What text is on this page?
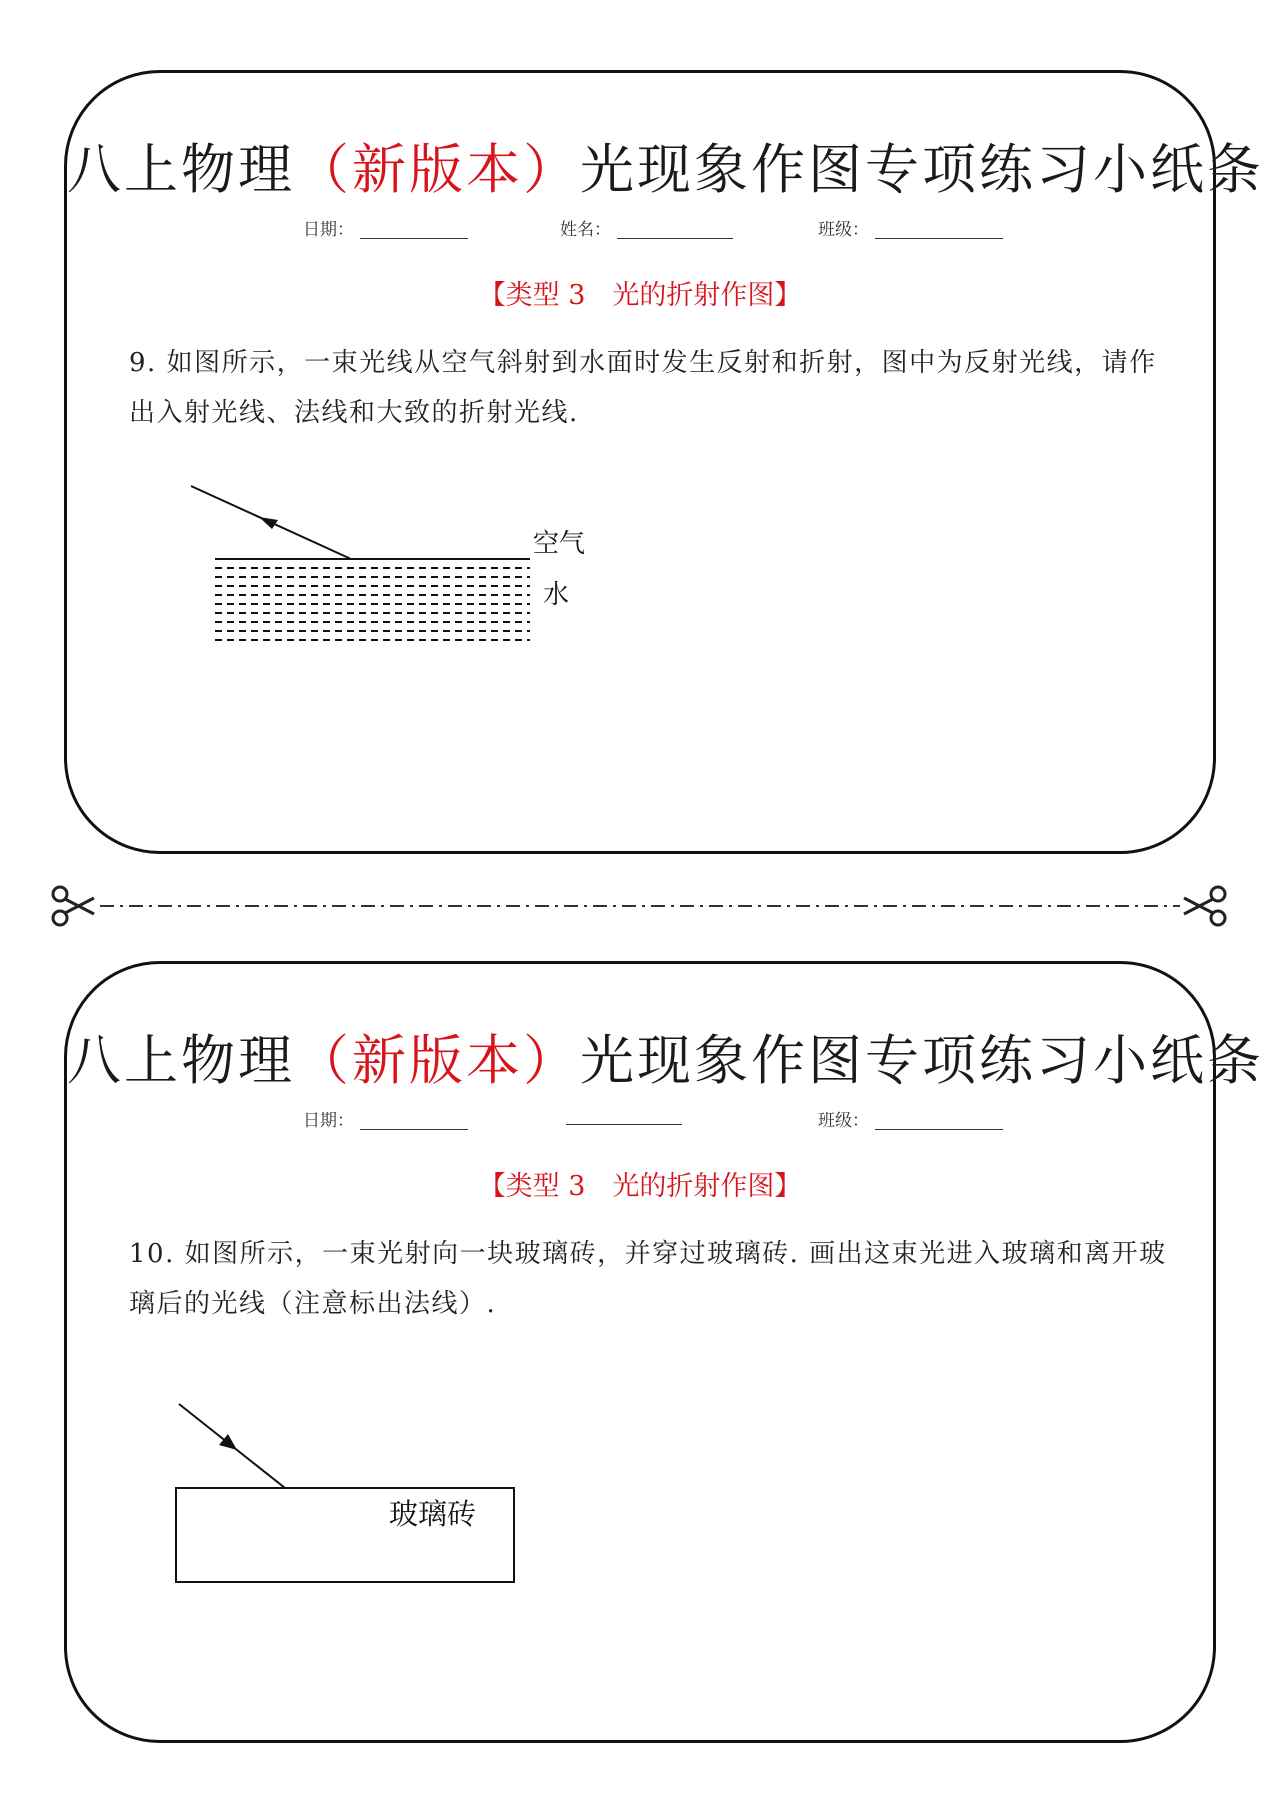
八上物理（新版本）光现象作图专项练习小纸条
日期：	姓名：	班级：
【类型 3　光的折射作图】
9. 如图所示，一束光线从空气斜射到水面时发生反射和折射，图中为反射光线，请作出入射光线、法线和大致的折射光线.
空气
水
八上物理（新版本）光现象作图专项练习小纸条
日期：	班级：
【类型 3　光的折射作图】
10. 如图所示，一束光射向一块玻璃砖，并穿过玻璃砖. 画出这束光进入玻璃和离开玻璃后的光线（注意标出法线）.
玻璃砖
